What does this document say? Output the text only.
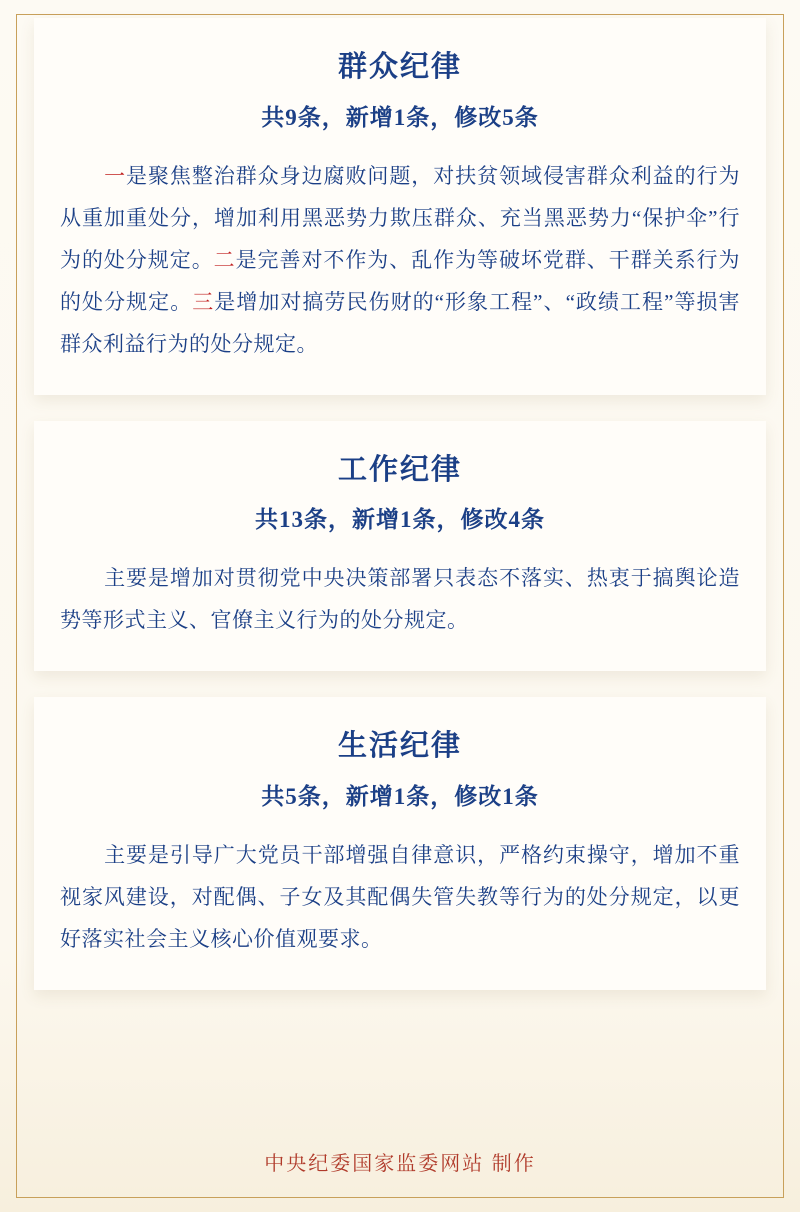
群众纪律
共9条，新增1条，修改5条
一是聚焦整治群众身边腐败问题，对扶贫领域侵害群众利益的行为从重加重处分，增加利用黑恶势力欺压群众、充当黑恶势力“保护伞”行为的处分规定。二是完善对不作为、乱作为等破坏党群、干群关系行为的处分规定。三是增加对搞劳民伤财的“形象工程”、“政绩工程”等损害群众利益行为的处分规定。
工作纪律
共13条，新增1条，修改4条
主要是增加对贯彻党中央决策部署只表态不落实、热衷于搞舆论造势等形式主义、官僚主义行为的处分规定。
生活纪律
共5条，新增1条，修改1条
主要是引导广大党员干部增强自律意识，严格约束操守，增加不重视家风建设，对配偶、子女及其配偶失管失教等行为的处分规定，以更好落实社会主义核心价值观要求。
中央纪委国家监委网站 制作
